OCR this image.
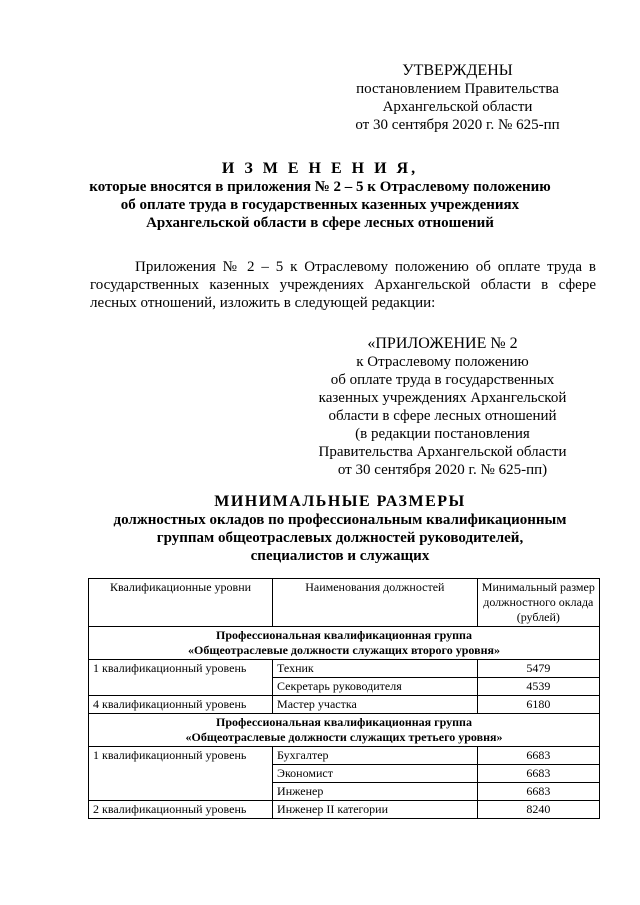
УТВЕРЖДЕНЫ
постановлением Правительства
Архангельской области
от 30 сентября 2020 г. № 625-пп
И З М Е Н Е Н И Я,
которые вносятся в приложения № 2 – 5 к Отраслевому положению
об оплате труда в государственных казенных учреждениях
Архангельской области в сфере лесных отношений

Приложения № 2 – 5 к Отраслевому положению об оплате труда в государственных казенных учреждениях Архангельской области в сфере лесных отношений, изложить в следующей редакции:

«ПРИЛОЖЕНИЕ № 2
к Отраслевому положению
об оплате труда в государственных
казенных учреждениях Архангельской
области в сфере лесных отношений
(в редакции постановления
Правительства Архангельской области
от 30 сентября 2020 г. № 625-пп)
МИНИМАЛЬНЫЕ РАЗМЕРЫ
должностных окладов по профессиональным квалификационным
группам общеотраслевых должностей руководителей,
специалистов и служащих
Квалификационные уровни	Наименования должностей	Минимальный размер должностного оклада (рублей)

Профессиональная квалификационная группа
«Общеотраслевые должности служащих второго уровня»		

1 квалификационный уровень	Техник	5479
	Секретарь руководителя	4539
4 квалификационный уровень	Мастер участка	6180

Профессиональная квалификационная группа
«Общеотраслевые должности служащих третьего уровня»		

1 квалификационный уровень	Бухгалтер	6683
	Экономист	6683
	Инженер	6683
2 квалификационный уровень	Инженер II категории	8240
